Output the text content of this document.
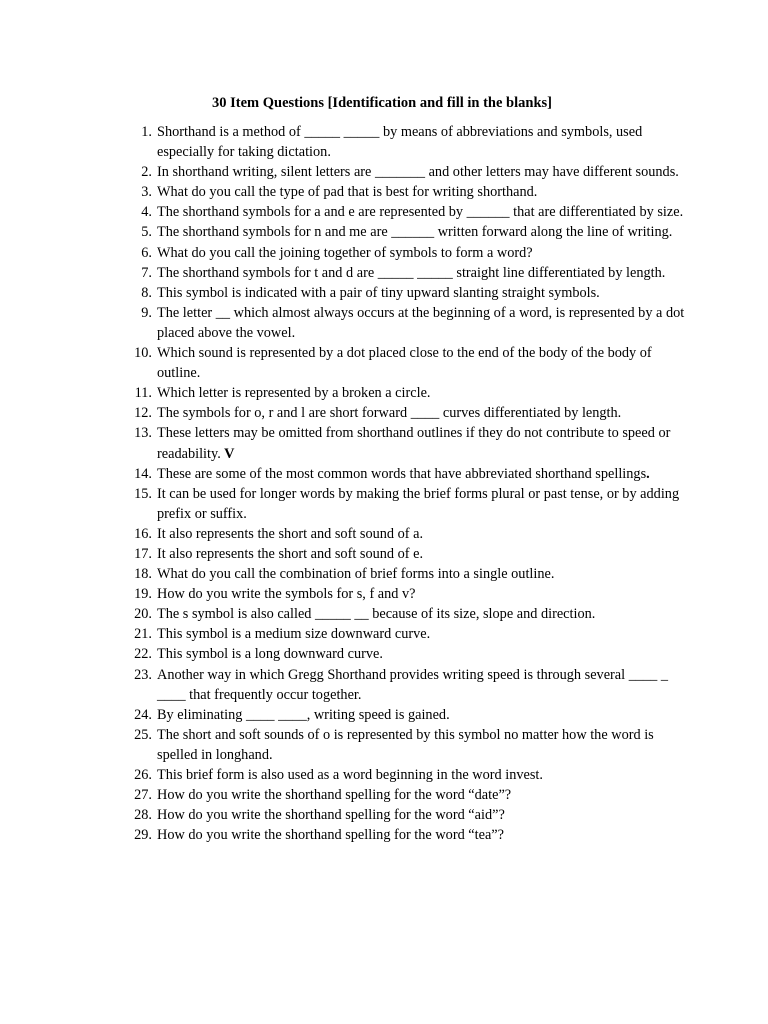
30 Item Questions [Identification and fill in the blanks]
1. Shorthand is a method of _____ _____ by means of abbreviations and symbols, used especially for taking dictation.
2. In shorthand writing, silent letters are _______ and other letters may have different sounds.
3. What do you call the type of pad that is best for writing shorthand.
4. The shorthand symbols for a and e are represented by ______ that are differentiated by size.
5. The shorthand symbols for n and me are ______ written forward along the line of writing.
6. What do you call the joining together of symbols to form a word?
7. The shorthand symbols for t and d are _____ _____ straight line differentiated by length.
8. This symbol is indicated with a pair of tiny upward slanting straight symbols.
9. The letter __ which almost always occurs at the beginning of a word, is represented by a dot placed above the vowel.
10. Which sound is represented by a dot placed close to the end of the body of the body of outline.
11. Which letter is represented by a broken a circle.
12. The symbols for o, r and l are short forward ____ curves differentiated by length.
13. These letters may be omitted from shorthand outlines if they do not contribute to speed or readability. V
14. These are some of the most common words that have abbreviated shorthand spellings.
15. It can be used for longer words by making the brief forms plural or past tense, or by adding prefix or suffix.
16. It also represents the short and soft sound of a.
17. It also represents the short and soft sound of e.
18. What do you call the combination of brief forms into a single outline.
19. How do you write the symbols for s, f and v?
20. The s symbol is also called _____ __ because of its size, slope and direction.
21. This symbol is a medium size downward curve.
22. This symbol is a long downward curve.
23. Another way in which Gregg Shorthand provides writing speed is through several ____ _ ____ that frequently occur together.
24. By eliminating ____ ____, writing speed is gained.
25. The short and soft sounds of o is represented by this symbol no matter how the word is spelled in longhand.
26. This brief form is also used as a word beginning in the word invest.
27. How do you write the shorthand spelling for the word “date”?
28. How do you write the shorthand spelling for the word “aid”?
29. How do you write the shorthand spelling for the word “tea”?
